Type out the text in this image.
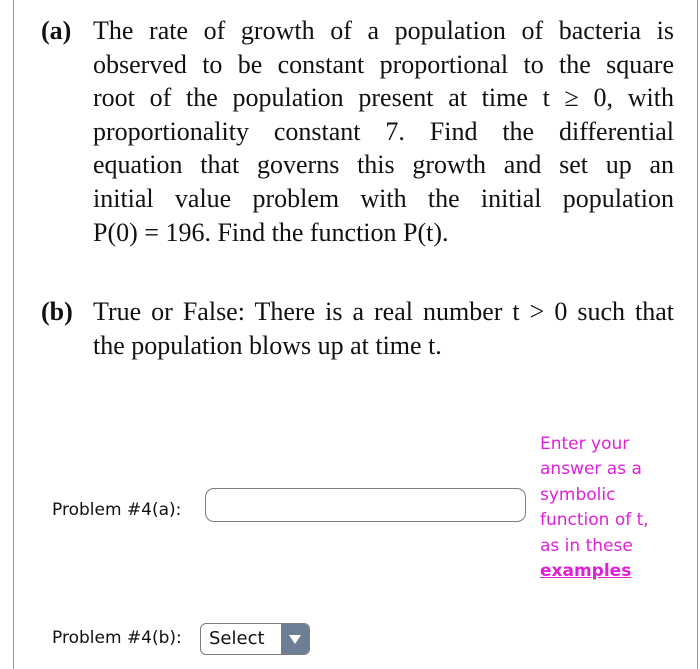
(a) The rate of growth of a population of bacteria is
observed to be constant proportional to the square
root of the population present at time t ≥ 0, with
proportionality constant 7. Find the differential
equation that governs this growth and set up an
initial value problem with the initial population
P(0) = 196. Find the function P(t).
(b) True or False: There is a real number t > 0 such that
the population blows up at time t.
Problem #4(a):
Enter your
answer as a
symbolic
function of t,
as in these
examples
Problem #4(b): Select
